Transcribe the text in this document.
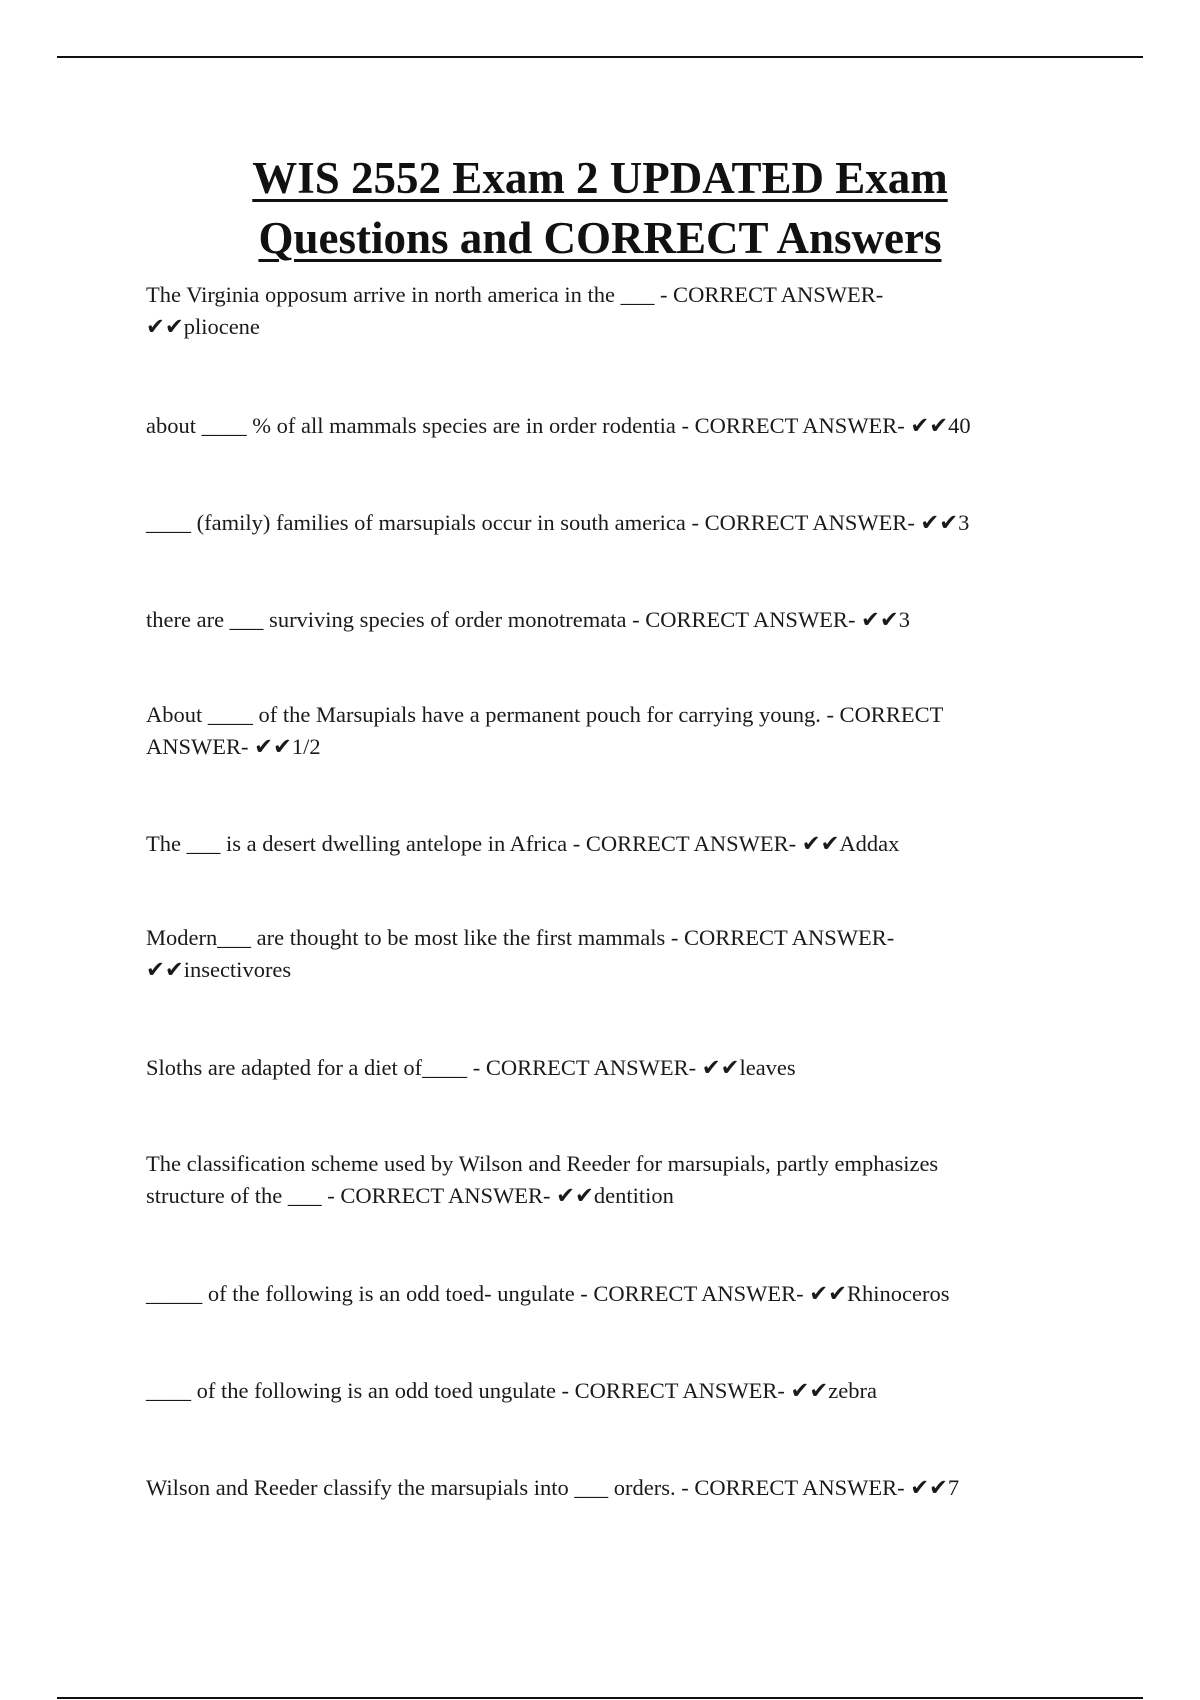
WIS 2552 Exam 2 UPDATED Exam
Questions and CORRECT Answers

The Virginia opposum arrive in north america in the ___ - CORRECT ANSWER-
✔✔pliocene

about ____ % of all mammals species are in order rodentia - CORRECT ANSWER- ✔✔40

____ (family) families of marsupials occur in south america - CORRECT ANSWER- ✔✔3

there are ___ surviving species of order monotremata - CORRECT ANSWER- ✔✔3

About ____ of the Marsupials have a permanent pouch for carrying young. - CORRECT
ANSWER- ✔✔1/2

The ___ is a desert dwelling antelope in Africa - CORRECT ANSWER- ✔✔Addax

Modern___ are thought to be most like the first mammals - CORRECT ANSWER-
✔✔insectivores

Sloths are adapted for a diet of____ - CORRECT ANSWER- ✔✔leaves

The classification scheme used by Wilson and Reeder for marsupials, partly emphasizes
structure of the ___ - CORRECT ANSWER- ✔✔dentition

_____ of the following is an odd toed- ungulate - CORRECT ANSWER- ✔✔Rhinoceros

____ of the following is an odd toed ungulate - CORRECT ANSWER- ✔✔zebra

Wilson and Reeder classify the marsupials into ___ orders. - CORRECT ANSWER- ✔✔7
